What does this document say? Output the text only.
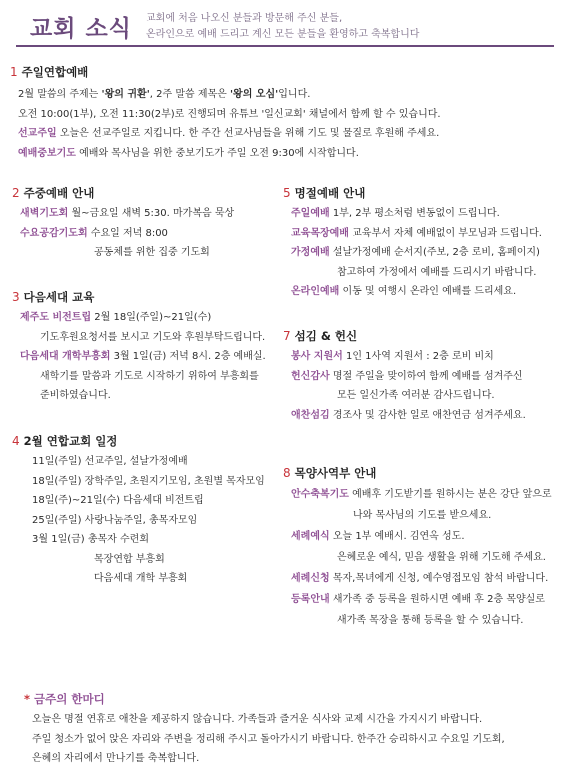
교회 소식 교회에 처음 나오신 분들과 방문해 주신 분들,
온라인으로 예배 드리고 계신 모든 분들을 환영하고 축복합니다
1 주일연합예배
2월 말씀의 주제는 '왕의 귀환', 2주 말씀 제목은 '왕의 오심'입니다.
오전 10:00(1부), 오전 11:30(2부)로 진행되며 유튜브 '일신교회' 채널에서 함께 할 수 있습니다.
선교주일 오늘은 선교주일로 지킵니다. 한 주간 선교사님들을 위해 기도 및 물질로 후원해 주세요.
예배중보기도 예배와 목사님을 위한 중보기도가 주일 오전 9:30에 시작합니다.
2 주중예배 안내
새벽기도회 월~금요일 새벽 5:30. 마가복음 묵상
수요공감기도회 수요일 저녁 8:00
공동체를 위한 집중 기도회
3 다음세대 교육
제주도 비전트립 2월 18일(주일)~21일(수)
기도후원요청서를 보시고 기도와 후원부탁드립니다.
다음세대 개학부흥회 3월 1일(금) 저녁 8시. 2층 예배실.
새학기를 말씀과 기도로 시작하기 위하여 부흥회를
준비하였습니다.
4 2월 연합교회 일정
11일(주일) 선교주일, 설날가정예배
18일(주일) 장학주일, 초원지기모임, 초원별 목자모임
18일(주)~21일(수) 다음세대 비전트립
25일(주일) 사랑나눔주일, 총목자모임
3월 1일(금) 총목자 수련회
목장연합 부흥회
다음세대 개학 부흥회
5 명절예배 안내
주일예배 1부, 2부 평소처럼 변동없이 드립니다.
교육목장예배 교육부서 자체 예배없이 부모님과 드립니다.
가정예배 설날가정예배 순서지(주보, 2층 로비, 홈페이지)
참고하여 가정에서 예배를 드리시기 바랍니다.
온라인예배 이동 및 여행시 온라인 예배를 드리세요.
7 섬김 & 헌신
봉사 지원서 1인 1사역 지원서 : 2층 로비 비치
헌신감사 명절 주일을 맞이하여 함께 예배를 섬겨주신
모든 일신가족 여러분 감사드립니다.
애찬섬김 경조사 및 감사한 일로 애찬연금 섬겨주세요.
8 목양사역부 안내
안수축복기도 예배후 기도받기를 원하시는 분은 강단 앞으로
나와 목사님의 기도를 받으세요.
세례예식 오늘 1부 예배시. 김연옥 성도.
은혜로운 예식, 믿음 생활을 위해 기도해 주세요.
세례신청 목자,목녀에게 신청, 예수영접모임 참석 바랍니다.
등록안내 새가족 중 등록을 원하시면 예배 후 2층 목양실로
새가족 목장을 통해 등록을 할 수 있습니다.
* 금주의 한마디
오늘은 명절 연휴로 애찬을 제공하지 않습니다. 가족들과 즐거운 식사와 교제 시간을 가지시기 바랍니다.
주일 청소가 없어 앉은 자리와 주변을 정리해 주시고 돌아가시기 바랍니다. 한주간 승리하시고 수요일 기도회,
은혜의 자리에서 만나기를 축복합니다.
